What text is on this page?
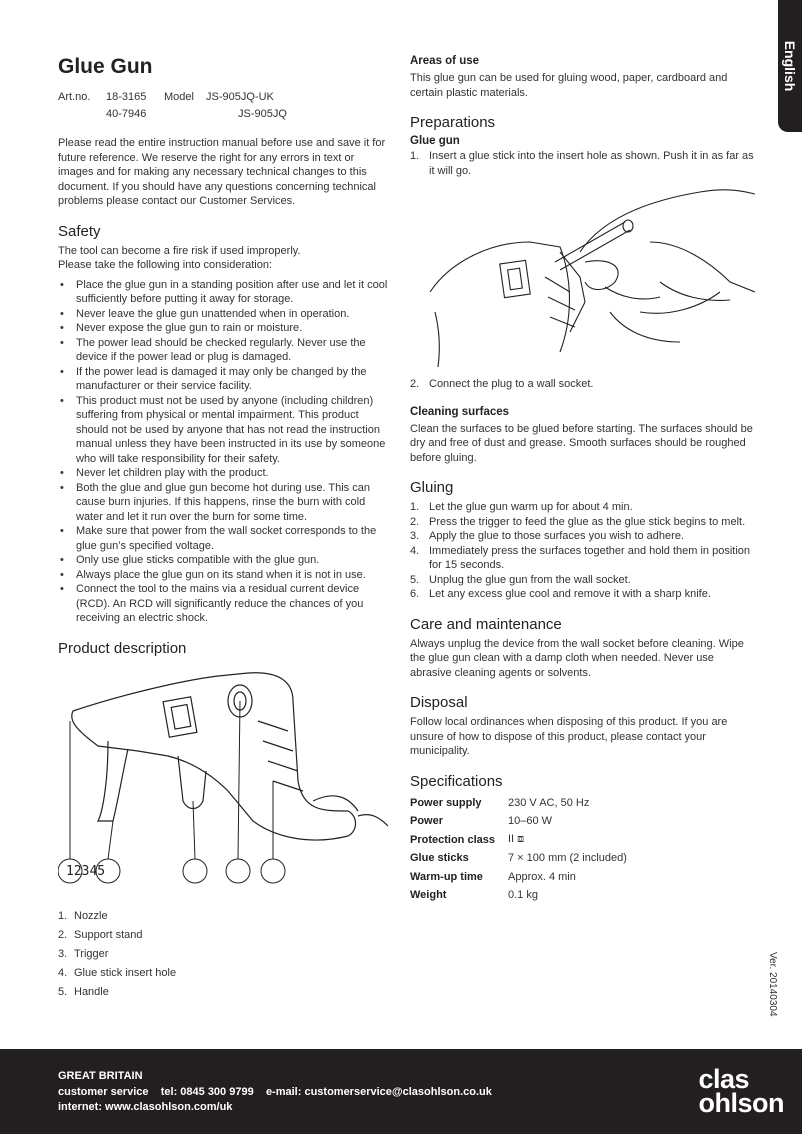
English
Glue Gun
Art.no.	18-3165	Model	JS-905JQ-UK
40-7946	JS-905JQ

Please read the entire instruction manual before use and save it for future reference. We reserve the right for any errors in text or images and for making any necessary technical changes to this document. If you should have any questions concerning technical problems please contact our Customer Services.

Safety

The tool can become a fire risk if used improperly.

Please take the following into consideration:

• Place the glue gun in a standing position after use and let it cool sufficiently before putting it away for storage.
• Never leave the glue gun unattended when in operation.
• Never expose the glue gun to rain or moisture.
• The power lead should be checked regularly. Never use the device if the power lead or plug is damaged.
• If the power lead is damaged it may only be changed by the manufacturer or their service facility.
• This product must not be used by anyone (including children) suffering from physical or mental impairment. This product should not be used by anyone that has not read the instruction manual unless they have been instructed in its use by someone who will take responsibility for their safety.
• Never let children play with the product.
• Both the glue and glue gun become hot during use. This can cause burn injuries. If this happens, rinse the burn with cold water and let it run over the burn for some time.
• Make sure that power from the wall socket corresponds to the glue gun’s specified voltage.
• Only use glue sticks compatible with the glue gun.
• Always place the glue gun on its stand when it is not in use.
• Connect the tool to the mains via a residual current device (RCD). An RCD will significantly reduce the chances of you receiving an electric shock.
Product description
12345
1. Nozzle
2. Support stand
3. Trigger
4. Glue stick insert hole
5. Handle
Areas of use

This glue gun can be used for gluing wood, paper, cardboard and certain plastic materials.

Preparations
Glue gun
1. Insert a glue stick into the insert hole as shown. Push it in as far as it will go.
2. Connect the plug to a wall socket.
Cleaning surfaces

Clean the surfaces to be glued before starting. The surfaces should be dry and free of dust and grease. Smooth surfaces should be roughed before gluing.

Gluing
1. Let the glue gun warm up for about 4 min.
2. Press the trigger to feed the glue as the glue stick begins to melt.
3. Apply the glue to those surfaces you wish to adhere.
4. Immediately press the surfaces together and hold them in position for 15 seconds.
5. Unplug the glue gun from the wall socket.
6. Let any excess glue cool and remove it with a sharp knife.
Care and maintenance

Always unplug the device from the wall socket before cleaning. Wipe the glue gun clean with a damp cloth when needed. Never use abrasive cleaning agents or solvents.

Disposal

Follow local ordinances when disposing of this product. If you are unsure of how to dispose of this product, please contact your municipality.

Specifications
Power supply	230 V AC, 50 Hz
Power	10–60 W
Protection class	II ⧈
Glue sticks	7 × 100 mm (2 included)
Warm-up time	Approx. 4 min
Weight	0.1 kg
Ver. 20140304
GREAT BRITAIN
customer service tel: 0845 300 9799 e-mail: customerservice@clasohlson.co.uk
internet: www.clasohlson.com/uk
clas
ohlson
